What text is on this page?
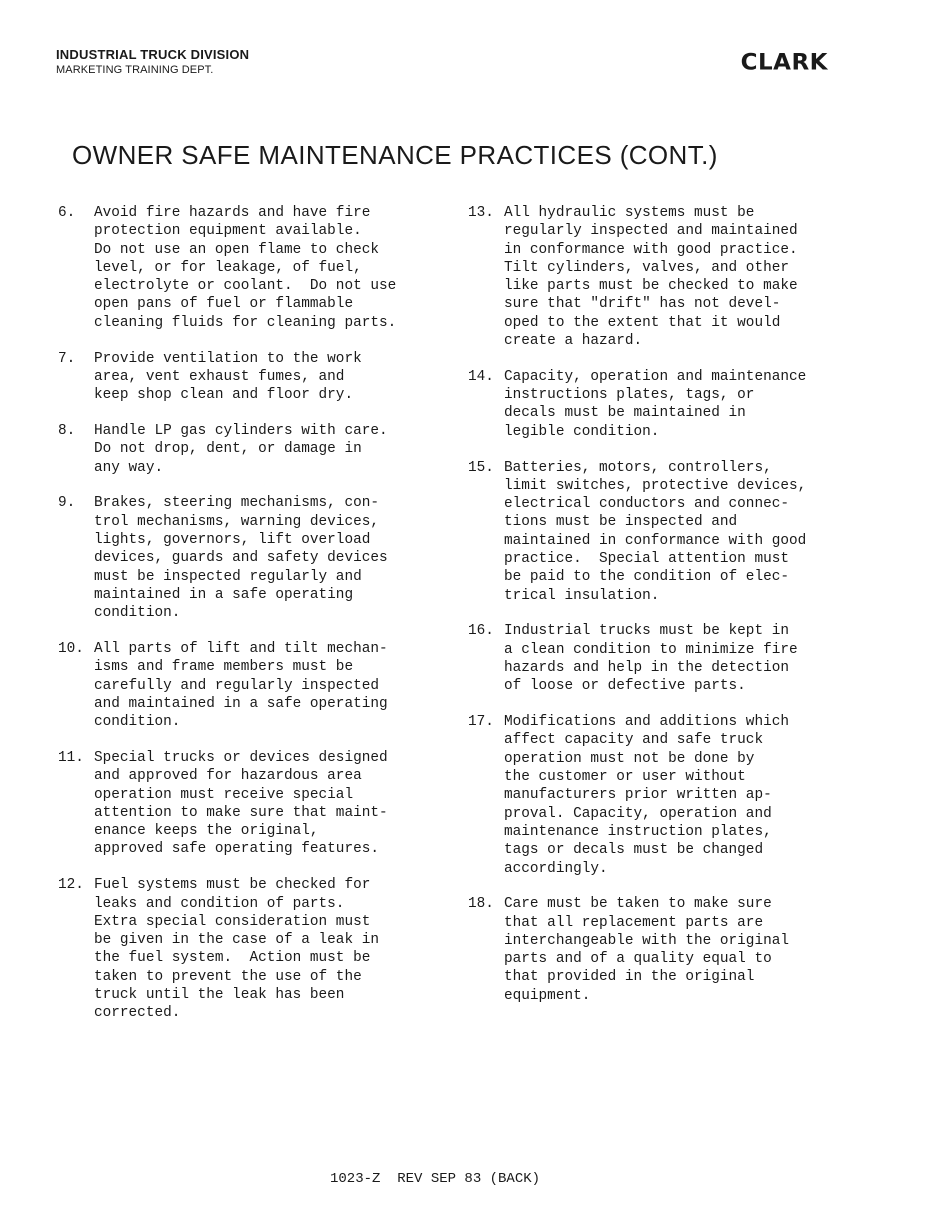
INDUSTRIAL TRUCK DIVISION
MARKETING TRAINING DEPT.	CLARK
OWNER SAFE MAINTENANCE PRACTICES (CONT.)
6.	Avoid fire hazards and have fire
protection equipment available.
Do not use an open flame to check
level, or for leakage, of fuel,
electrolyte or coolant.  Do not use
open pans of fuel or flammable
cleaning fluids for cleaning parts.
7.	Provide ventilation to the work
area, vent exhaust fumes, and
keep shop clean and floor dry.
8.	Handle LP gas cylinders with care.
Do not drop, dent, or damage in
any way.
9.	Brakes, steering mechanisms, con-
trol mechanisms, warning devices,
lights, governors, lift overload
devices, guards and safety devices
must be inspected regularly and
maintained in a safe operating
condition.
10. All parts of lift and tilt mechan-
isms and frame members must be
carefully and regularly inspected
and maintained in a safe operating
condition.
11. Special trucks or devices designed
and approved for hazardous area
operation must receive special
attention to make sure that maint-
enance keeps the original,
approved safe operating features.
12. Fuel systems must be checked for
leaks and condition of parts.
Extra special consideration must
be given in the case of a leak in
the fuel system.  Action must be
taken to prevent the use of the
truck until the leak has been
corrected.
13. All hydraulic systems must be
regularly inspected and maintained
in conformance with good practice.
Tilt cylinders, valves, and other
like parts must be checked to make
sure that "drift" has not devel-
oped to the extent that it would
create a hazard.
14. Capacity, operation and maintenance
instructions plates, tags, or
decals must be maintained in
legible condition.
15. Batteries, motors, controllers,
limit switches, protective devices,
electrical conductors and connec-
tions must be inspected and
maintained in conformance with good
practice.  Special attention must
be paid to the condition of elec-
trical insulation.
16. Industrial trucks must be kept in
a clean condition to minimize fire
hazards and help in the detection
of loose or defective parts.
17. Modifications and additions which
affect capacity and safe truck
operation must not be done by
the customer or user without
manufacturers prior written ap-
proval. Capacity, operation and
maintenance instruction plates,
tags or decals must be changed
accordingly.
18. Care must be taken to make sure
that all replacement parts are
interchangeable with the original
parts and of a quality equal to
that provided in the original
equipment.
1023-Z  REV SEP 83 (BACK)
